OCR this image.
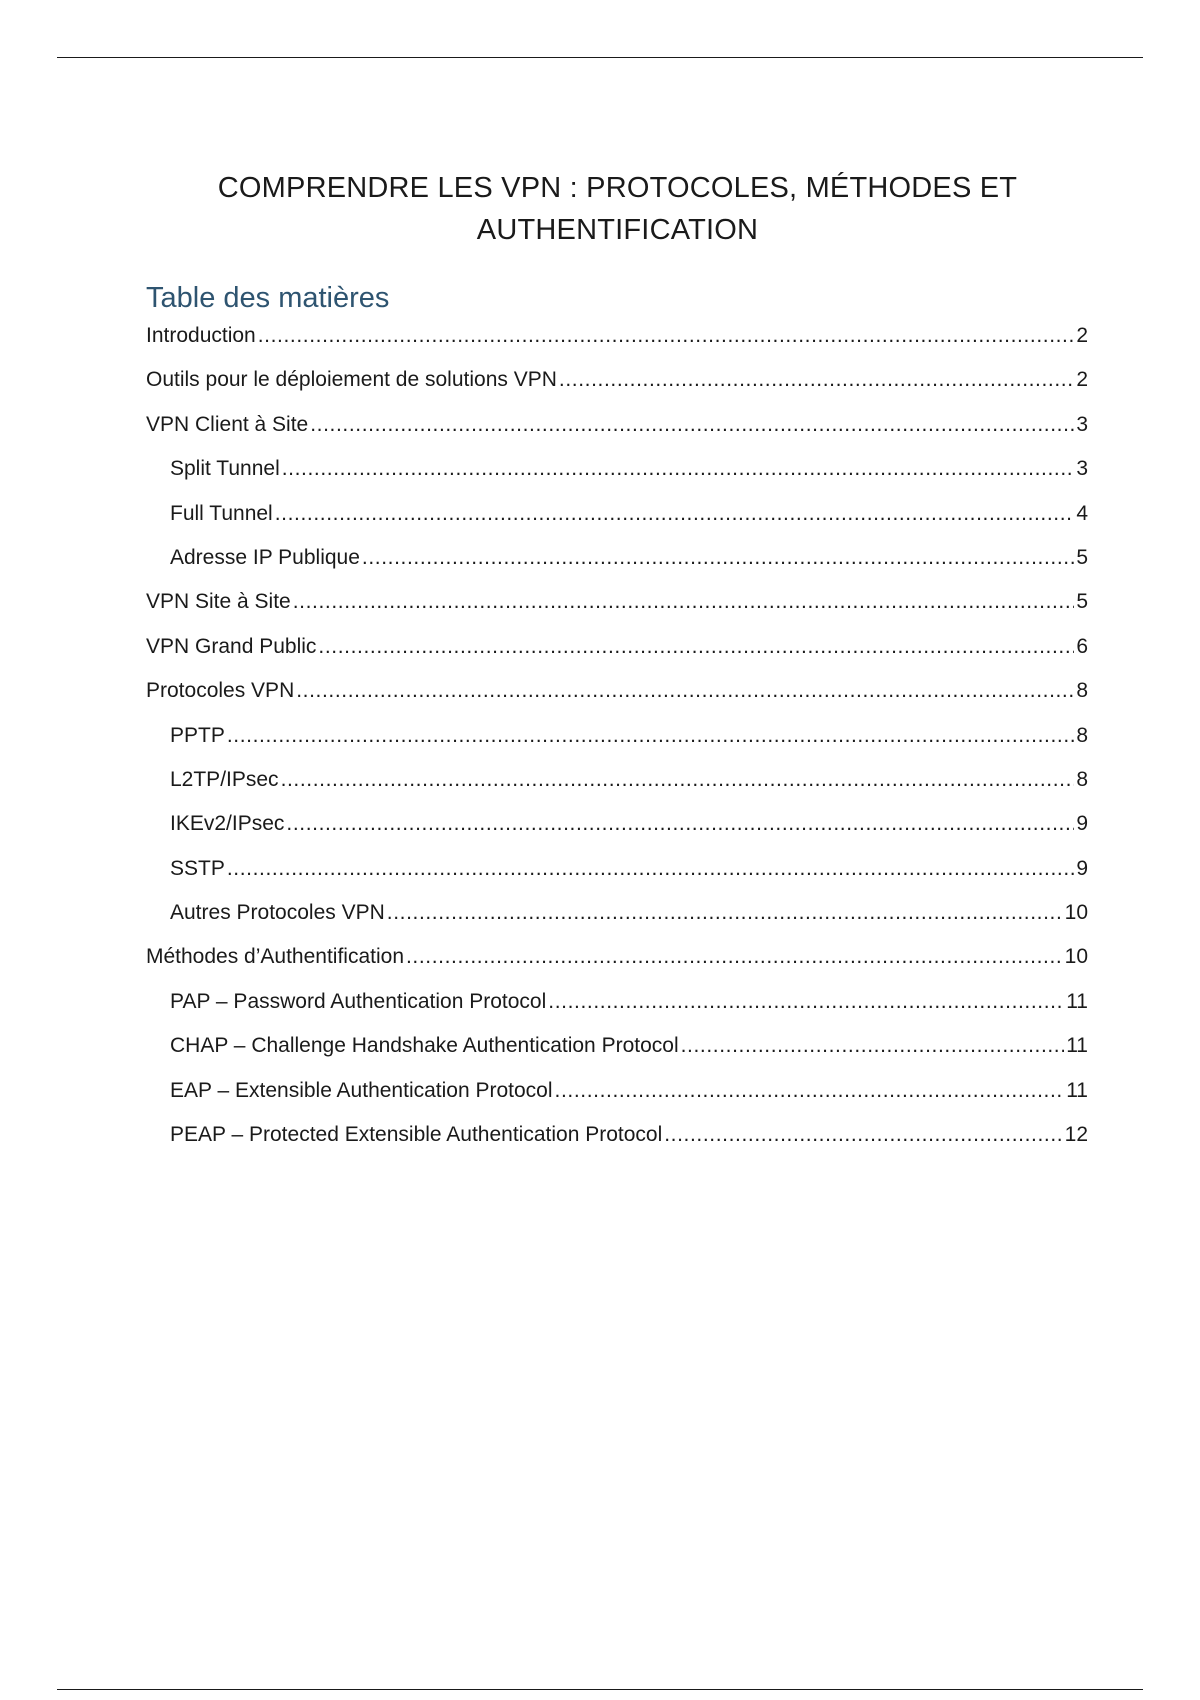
COMPRENDRE LES VPN : PROTOCOLES, MÉTHODES ET
AUTHENTIFICATION
Table des matières
Introduction .....	2
Outils pour le déploiement de solutions VPN .....	2
VPN Client à Site .....	3
Split Tunnel .....	3
Full Tunnel .....	4
Adresse IP Publique .....	5
VPN Site à Site .....	5
VPN Grand Public .....	6
Protocoles VPN .....	8
PPTP .....	8
L2TP/IPsec .....	8
IKEv2/IPsec .....	9
SSTP .....	9
Autres Protocoles VPN .....	10
Méthodes d’Authentification .....	10
PAP – Password Authentication Protocol .....	11
CHAP – Challenge Handshake Authentication Protocol .....	11
EAP – Extensible Authentication Protocol .....	11
PEAP – Protected Extensible Authentication Protocol .....	12
